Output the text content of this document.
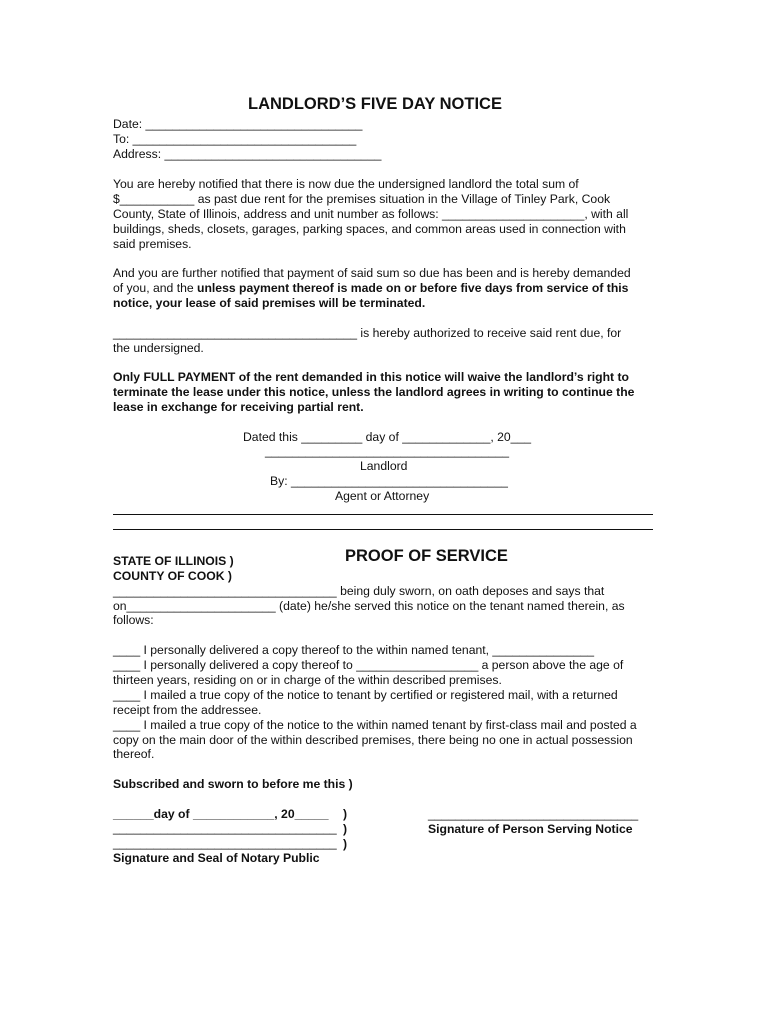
LANDLORD’S FIVE DAY NOTICE
Date: ________________________________
To: _________________________________
Address: ________________________________
You are hereby notified that there is now due the undersigned landlord the total sum of
$___________ as past due rent for the premises situation in the Village of Tinley Park, Cook
County, State of Illinois, address and unit number as follows: _____________________, with all
buildings, sheds, closets, garages, parking spaces, and common areas used in connection with
said premises.
And you are further notified that payment of said sum so due has been and is hereby demanded
of you, and the unless payment thereof is made on or before five days from service of this
notice, your lease of said premises will be terminated.
____________________________________ is hereby authorized to receive said rent due, for
the undersigned.
Only FULL PAYMENT of the rent demanded in this notice will waive the landlord’s right to
terminate the lease under this notice, unless the landlord agrees in writing to continue the
lease in exchange for receiving partial rent.
Dated this _________ day of _____________, 20___
____________________________________
Landlord
By: ________________________________
Agent or Attorney
STATE OF ILLINOIS )	PROOF OF SERVICE
COUNTY OF COOK )
_________________________________ being duly sworn, on oath deposes and says that
on______________________ (date) he/she served this notice on the tenant named therein, as
follows:
____ I personally delivered a copy thereof to the within named tenant, _______________
____ I personally delivered a copy thereof to __________________ a person above the age of
thirteen years, residing on or in charge of the within described premises.
____ I mailed a true copy of the notice to tenant by certified or registered mail, with a returned
receipt from the addressee.
____ I mailed a true copy of the notice to the within named tenant by first-class mail and posted a
copy on the main door of the within described premises, there being no one in actual possession
thereof.
Subscribed and sworn to before me this )
______day of ____________, 20_____ )
_________________________________ )
_________________________________ )
Signature and Seal of Notary Public
_______________________________
Signature of Person Serving Notice
